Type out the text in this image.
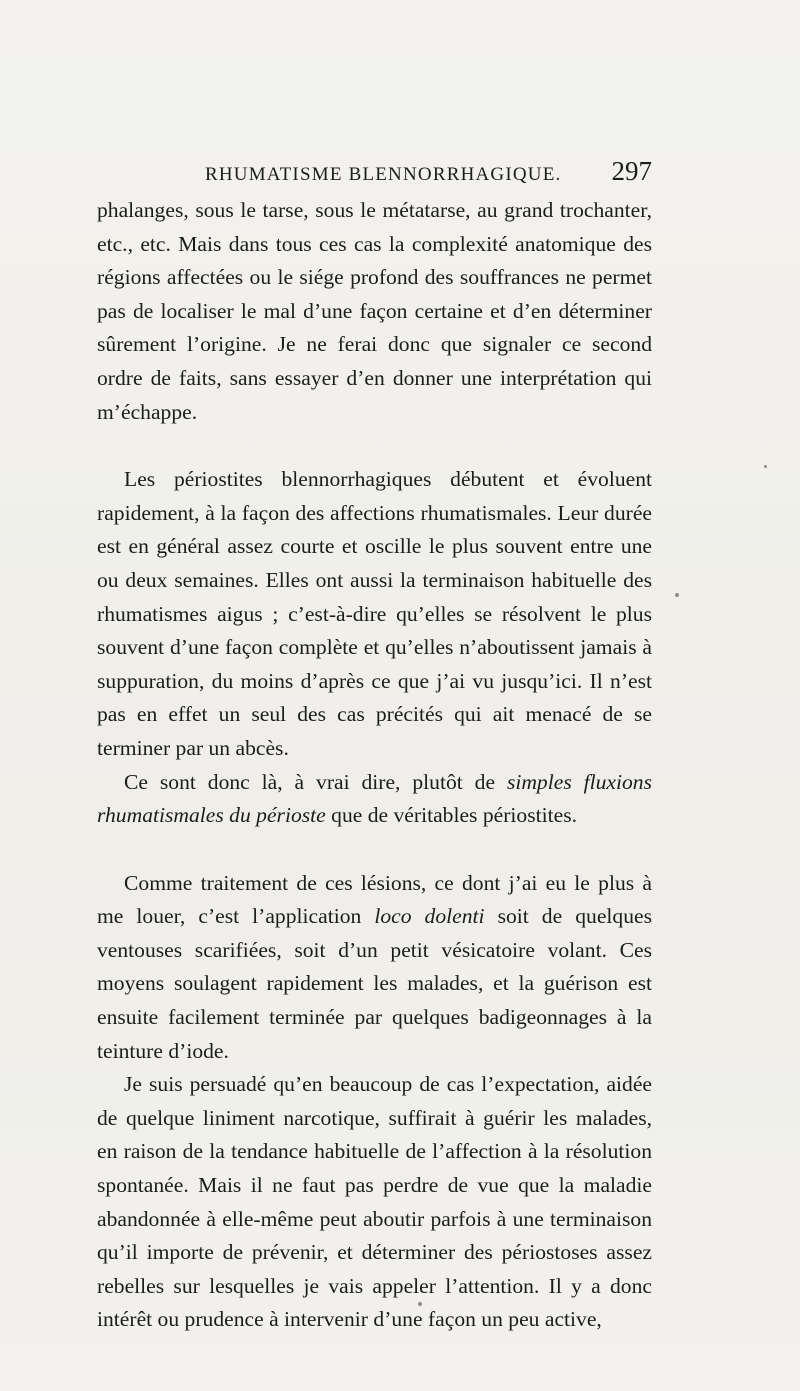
RHUMATISME BLENNORRHAGIQUE. 297

phalanges, sous le tarse, sous le métatarse, au grand trochanter, etc., etc. Mais dans tous ces cas la complexité anatomique des régions affectées ou le siége profond des souffrances ne permet pas de localiser le mal d’une façon certaine et d’en déterminer sûrement l’origine. Je ne ferai donc que signaler ce second ordre de faits, sans essayer d’en donner une interprétation qui m’échappe.

Les périostites blennorrhagiques débutent et évoluent rapidement, à la façon des affections rhumatismales. Leur durée est en général assez courte et oscille le plus souvent entre une ou deux semaines. Elles ont aussi la terminaison habituelle des rhumatismes aigus ; c’est-à-dire qu’elles se résolvent le plus souvent d’une façon complète et qu’elles n’aboutissent jamais à suppuration, du moins d’après ce que j’ai vu jusqu’ici. Il n’est pas en effet un seul des cas précités qui ait menacé de se terminer par un abcès.

Ce sont donc là, à vrai dire, plutôt de simples fluxions rhumatismales du périoste que de véritables périostites.

Comme traitement de ces lésions, ce dont j’ai eu le plus à me louer, c’est l’application loco dolenti soit de quelques ventouses scarifiées, soit d’un petit vésicatoire volant. Ces moyens soulagent rapidement les malades, et la guérison est ensuite facilement terminée par quelques badigeonnages à la teinture d’iode.

Je suis persuadé qu’en beaucoup de cas l’expectation, aidée de quelque liniment narcotique, suffirait à guérir les malades, en raison de la tendance habituelle de l’affection à la résolution spontanée. Mais il ne faut pas perdre de vue que la maladie abandonnée à elle-même peut aboutir parfois à une terminaison qu’il importe de prévenir, et déterminer des périostoses assez rebelles sur lesquelles je vais appeler l’attention. Il y a donc intérêt ou prudence à intervenir d’une façon un peu active,
